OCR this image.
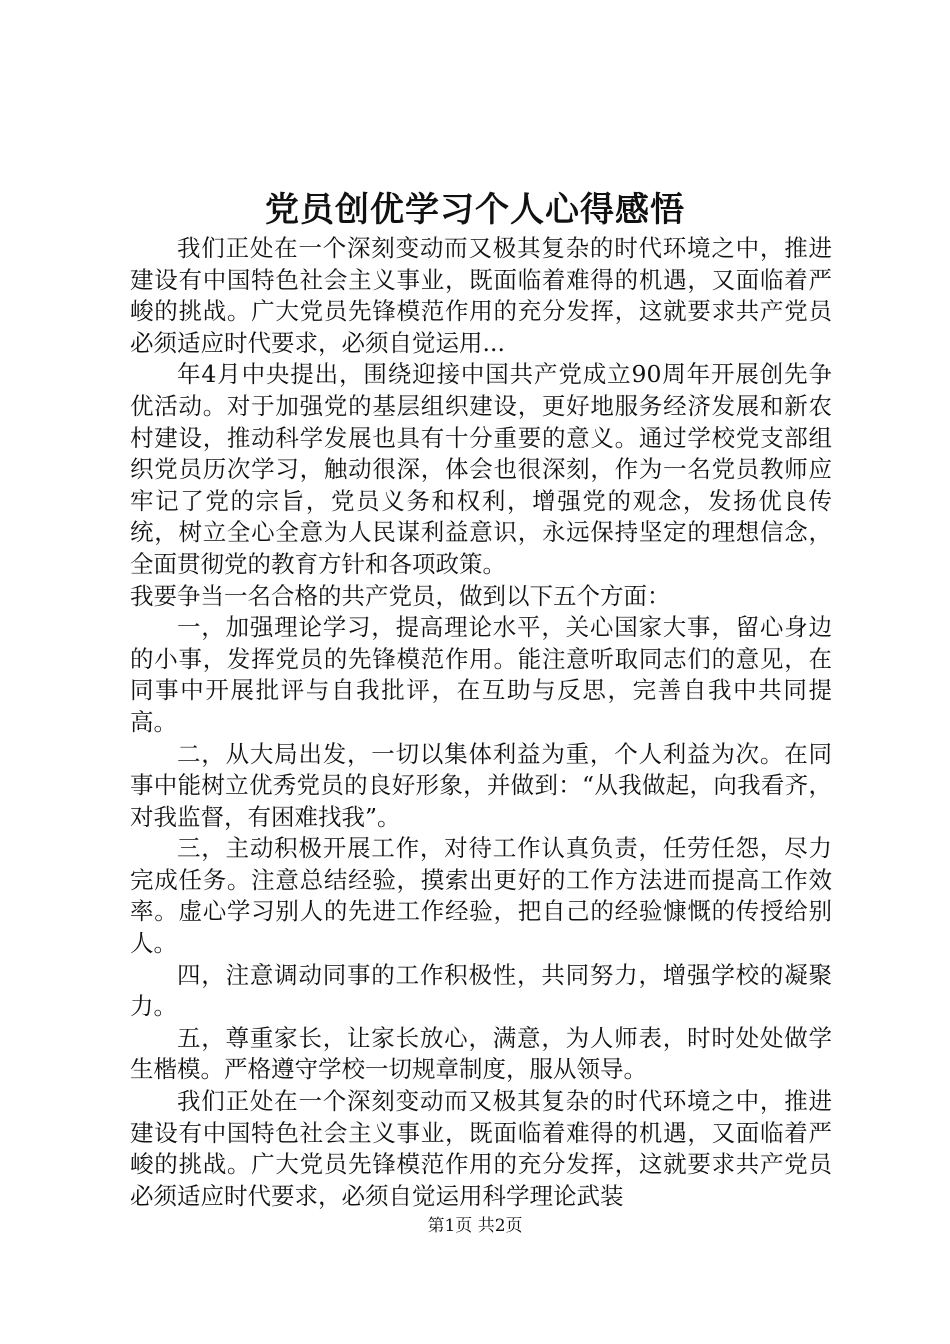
党员创优学习个人心得感悟

我们正处在一个深刻变动而又极其复杂的时代环境之中，推进建设有中国特色社会主义事业，既面临着难得的机遇，又面临着严峻的挑战。广大党员先锋模范作用的充分发挥，这就要求共产党员必须适应时代要求，必须自觉运用...

年4月中央提出，围绕迎接中国共产党成立90周年开展创先争优活动。对于加强党的基层组织建设，更好地服务经济发展和新农村建设，推动科学发展也具有十分重要的意义。通过学校党支部组织党员历次学习，触动很深，体会也很深刻，作为一名党员教师应牢记了党的宗旨，党员义务和权利，增强党的观念，发扬优良传统，树立全心全意为人民谋利益意识，永远保持坚定的理想信念，全面贯彻党的教育方针和各项政策。

我要争当一名合格的共产党员，做到以下五个方面：

一，加强理论学习，提高理论水平，关心国家大事，留心身边的小事，发挥党员的先锋模范作用。能注意听取同志们的意见，在同事中开展批评与自我批评，在互助与反思，完善自我中共同提高。

二，从大局出发，一切以集体利益为重，个人利益为次。在同事中能树立优秀党员的良好形象，并做到：“从我做起，向我看齐，对我监督，有困难找我”。

三，主动积极开展工作，对待工作认真负责，任劳任怨，尽力完成任务。注意总结经验，摸索出更好的工作方法进而提高工作效率。虚心学习别人的先进工作经验，把自己的经验慷慨的传授给别人。

四，注意调动同事的工作积极性，共同努力，增强学校的凝聚力。

五，尊重家长，让家长放心，满意，为人师表，时时处处做学生楷模。严格遵守学校一切规章制度，服从领导。

我们正处在一个深刻变动而又极其复杂的时代环境之中，推进建设有中国特色社会主义事业，既面临着难得的机遇，又面临着严峻的挑战。广大党员先锋模范作用的充分发挥，这就要求共产党员必须适应时代要求，必须自觉运用科学理论武装

第1页 共2页
